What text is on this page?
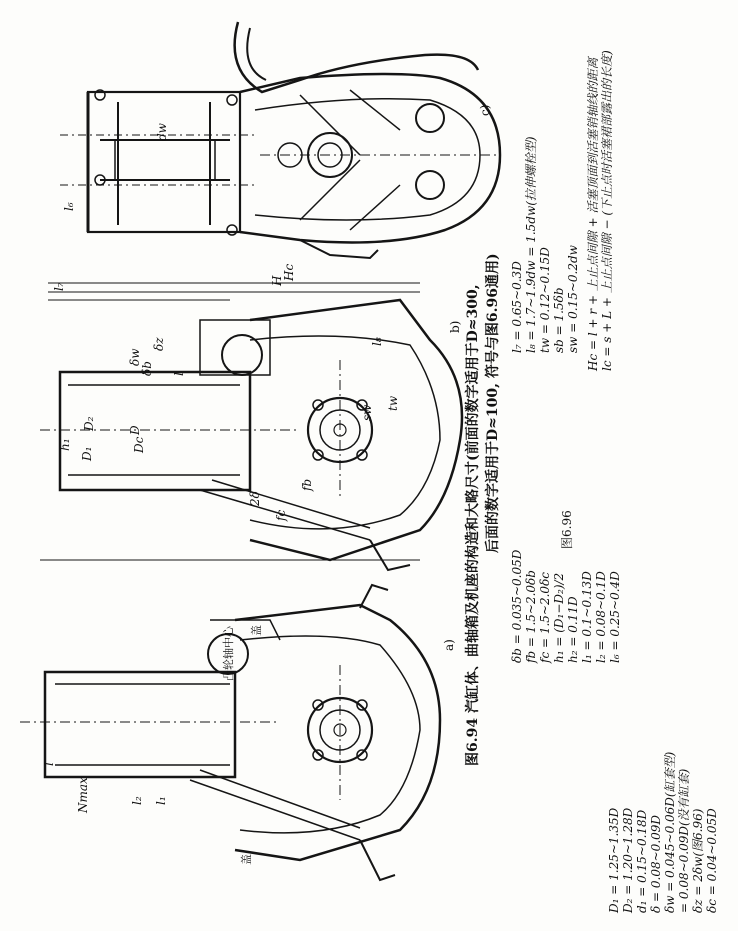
a)
b)
c)
凸轮轴中心 盖
盖
D₁
D₂	D
Dc
l₇
l₆
H
Hc
h₁
l
2δ
fc
tw
sw
l₈
δb
δw
δz
fb
l
Nmax	l₂ l₁
dw
图6.94 汽缸体、曲轴箱及机座的构造和大略尺寸(前面的数字适用于D≈300, 后面的数字适用于D≈100, 符号与图6.96通用)
D₁ = 1.25~1.35D D₂ = 1.20~1.28D d₁ = 0.15~0.18D δ = 0.08~0.09D δw = 0.045~0.06D(缸套型) = 0.08~0.09D(没有缸套) δz = 2δw(图6.96) δc = 0.04~0.05D
δb = 0.035~0.05D fb = 1.5~2.0δb fc = 1.5~2.0δc h₁ = (D₁−D₂)/2 h₂ = 0.11D l₁ = 0.1~0.13D l₂ = 0.08~0.1D l₆ = 0.25~0.4D
图6.96
l₇ = 0.65~0.3D l₈ = 1.7~1.9dw = 1.5dw(拉伸螺栓型) tw = 0.12~0.15D sb = 1.5δb sw = 0.15~0.2dw Hc = l + r + 上止点间隙 + 活塞顶面到活塞销轴线的距离 lc = s + L + 上止点间隙 − (下止点时活塞裙部露出的长度)
